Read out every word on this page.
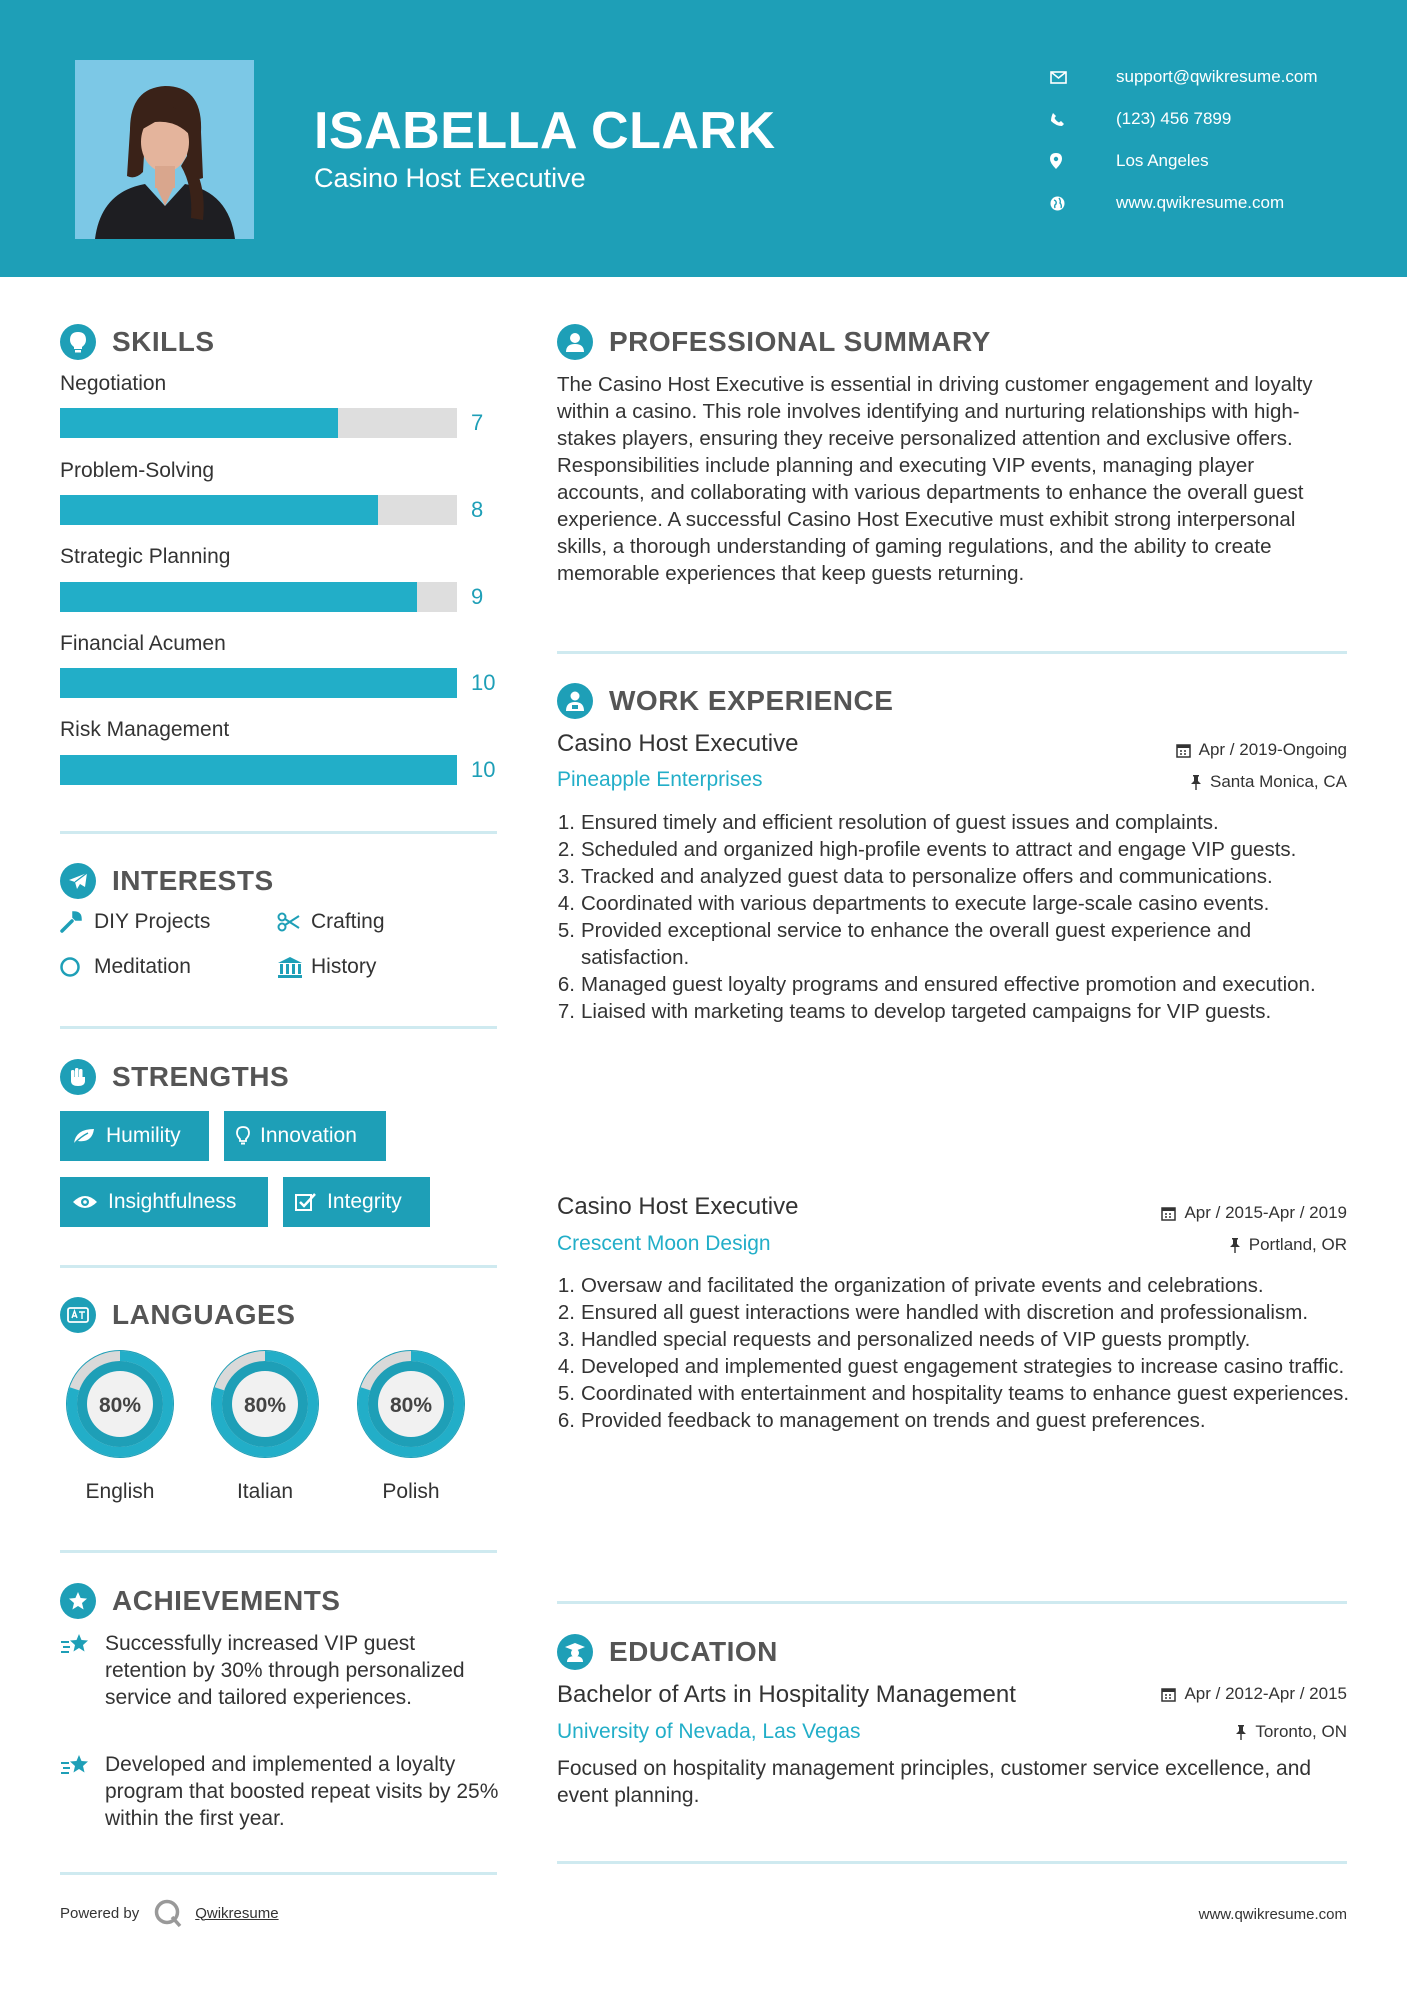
ISABELLA CLARK
Casino Host Executive
support@qwikresume.com
(123) 456 7899
Los Angeles
www.qwikresume.com
SKILLS
Negotiation
7
Problem-Solving
8
Strategic Planning
9
Financial Acumen
10
Risk Management
10
INTERESTS
DIY Projects	Crafting
Meditation	History
STRENGTHS
Humility	Innovation
Insightfulness	Integrity
LANGUAGES
80%	80%	80%
English	Italian	Polish
ACHIEVEMENTS
Successfully increased VIP guest retention by 30% through personalized service and tailored experiences.
Developed and implemented a loyalty program that boosted repeat visits by 25% within the first year.
PROFESSIONAL SUMMARY
The Casino Host Executive is essential in driving customer engagement and loyalty within a casino. This role involves identifying and nurturing relationships with high-stakes players, ensuring they receive personalized attention and exclusive offers. Responsibilities include planning and executing VIP events, managing player accounts, and collaborating with various departments to enhance the overall guest experience. A successful Casino Host Executive must exhibit strong interpersonal skills, a thorough understanding of gaming regulations, and the ability to create memorable experiences that keep guests returning.
WORK EXPERIENCE
Casino Host Executive	Apr / 2019-Ongoing
Pineapple Enterprises	Santa Monica, CA
1. Ensured timely and efficient resolution of guest issues and complaints.
2. Scheduled and organized high-profile events to attract and engage VIP guests.
3. Tracked and analyzed guest data to personalize offers and communications.
4. Coordinated with various departments to execute large-scale casino events.
5. Provided exceptional service to enhance the overall guest experience and satisfaction.
6. Managed guest loyalty programs and ensured effective promotion and execution.
7. Liaised with marketing teams to develop targeted campaigns for VIP guests.
Casino Host Executive	Apr / 2015-Apr / 2019
Crescent Moon Design	Portland, OR
1. Oversaw and facilitated the organization of private events and celebrations.
2. Ensured all guest interactions were handled with discretion and professionalism.
3. Handled special requests and personalized needs of VIP guests promptly.
4. Developed and implemented guest engagement strategies to increase casino traffic.
5. Coordinated with entertainment and hospitality teams to enhance guest experiences.
6. Provided feedback to management on trends and guest preferences.
EDUCATION
Bachelor of Arts in Hospitality Management	Apr / 2012-Apr / 2015
University of Nevada, Las Vegas	Toronto, ON
Focused on hospitality management principles, customer service excellence, and event planning.
Powered by	Qwikresume	www.qwikresume.com
